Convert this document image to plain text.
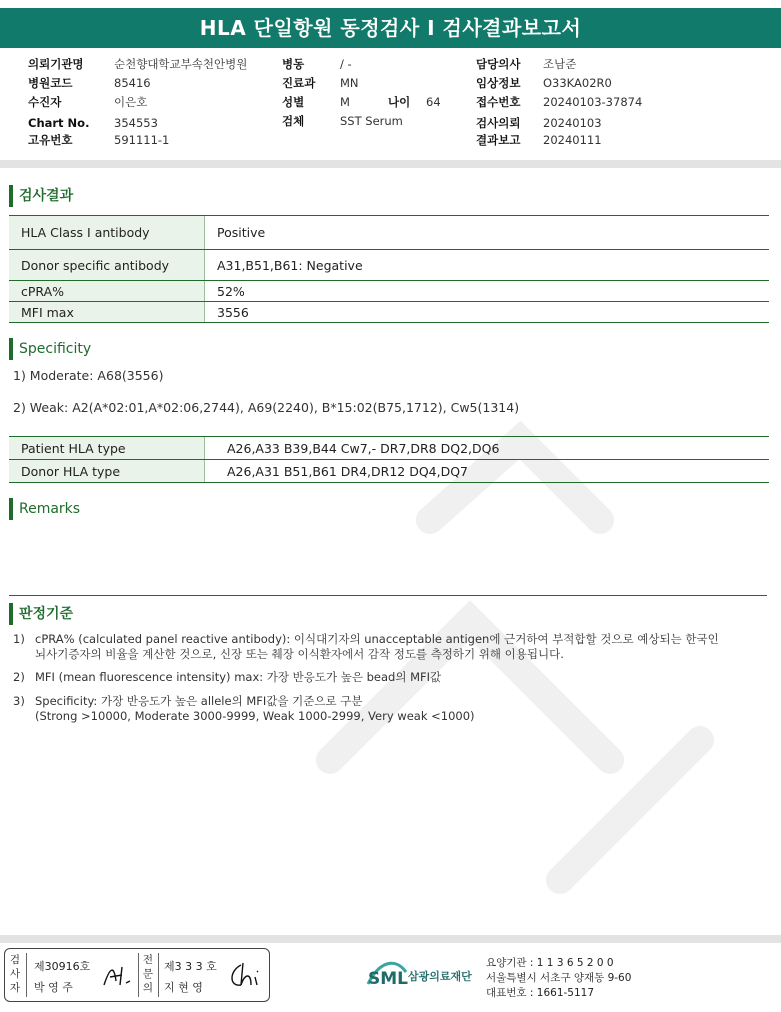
HLA 단일항원 동정검사 I 검사결과보고서
의뢰기관명	순천향대학교부속천안병원
병원코드	85416
수진자	이은호
Chart No. 354553
고유번호	591111-1
병동	/ -
진료과 MN
성별	M	나이 64
검체	SST Serum
담당의사 조남준
임상정보 O33KA02R0
접수번호 20240103-37874
검사의뢰 20240103
결과보고 20240111
검사결과
HLA Class I antibody	Positive
Donor specific antibody	A31,B51,B61: Negative
cPRA%	52%
MFI max	3556
Specificity
1) Moderate: A68(3556)
2) Weak: A2(A*02:01,A*02:06,2744), A69(2240), B*15:02(B75,1712), Cw5(1314)
Patient HLA type	A26,A33 B39,B44 Cw7,- DR7,DR8 DQ2,DQ6
Donor HLA type	A26,A31 B51,B61 DR4,DR12 DQ4,DQ7
Remarks
판정기준
1) cPRA% (calculated panel reactive antibody): 이식대기자의 unacceptable antigen에 근거하여 부적합할 것으로 예상되는 한국인
뇌사기증자의 비율을 계산한 것으로, 신장 또는 췌장 이식환자에서 감작 정도를 측정하기 위해 이용됩니다.
2) MFI (mean fluorescence intensity) max: 가장 반응도가 높은 bead의 MFI값
3) Specificity: 가장 반응도가 높은 allele의 MFI값을 기준으로 구분
(Strong >10000, Moderate 3000-9999, Weak 1000-2999, Very weak <1000)
검사자
제30916호
박 영 주
전문의
제3 3 3 호
지 현 영	SML 삼광의료재단
요양기관 : 1 1 3 6 5 2 0 0
서울특별시 서초구 양재동 9-60
대표번호 : 1661-5117
